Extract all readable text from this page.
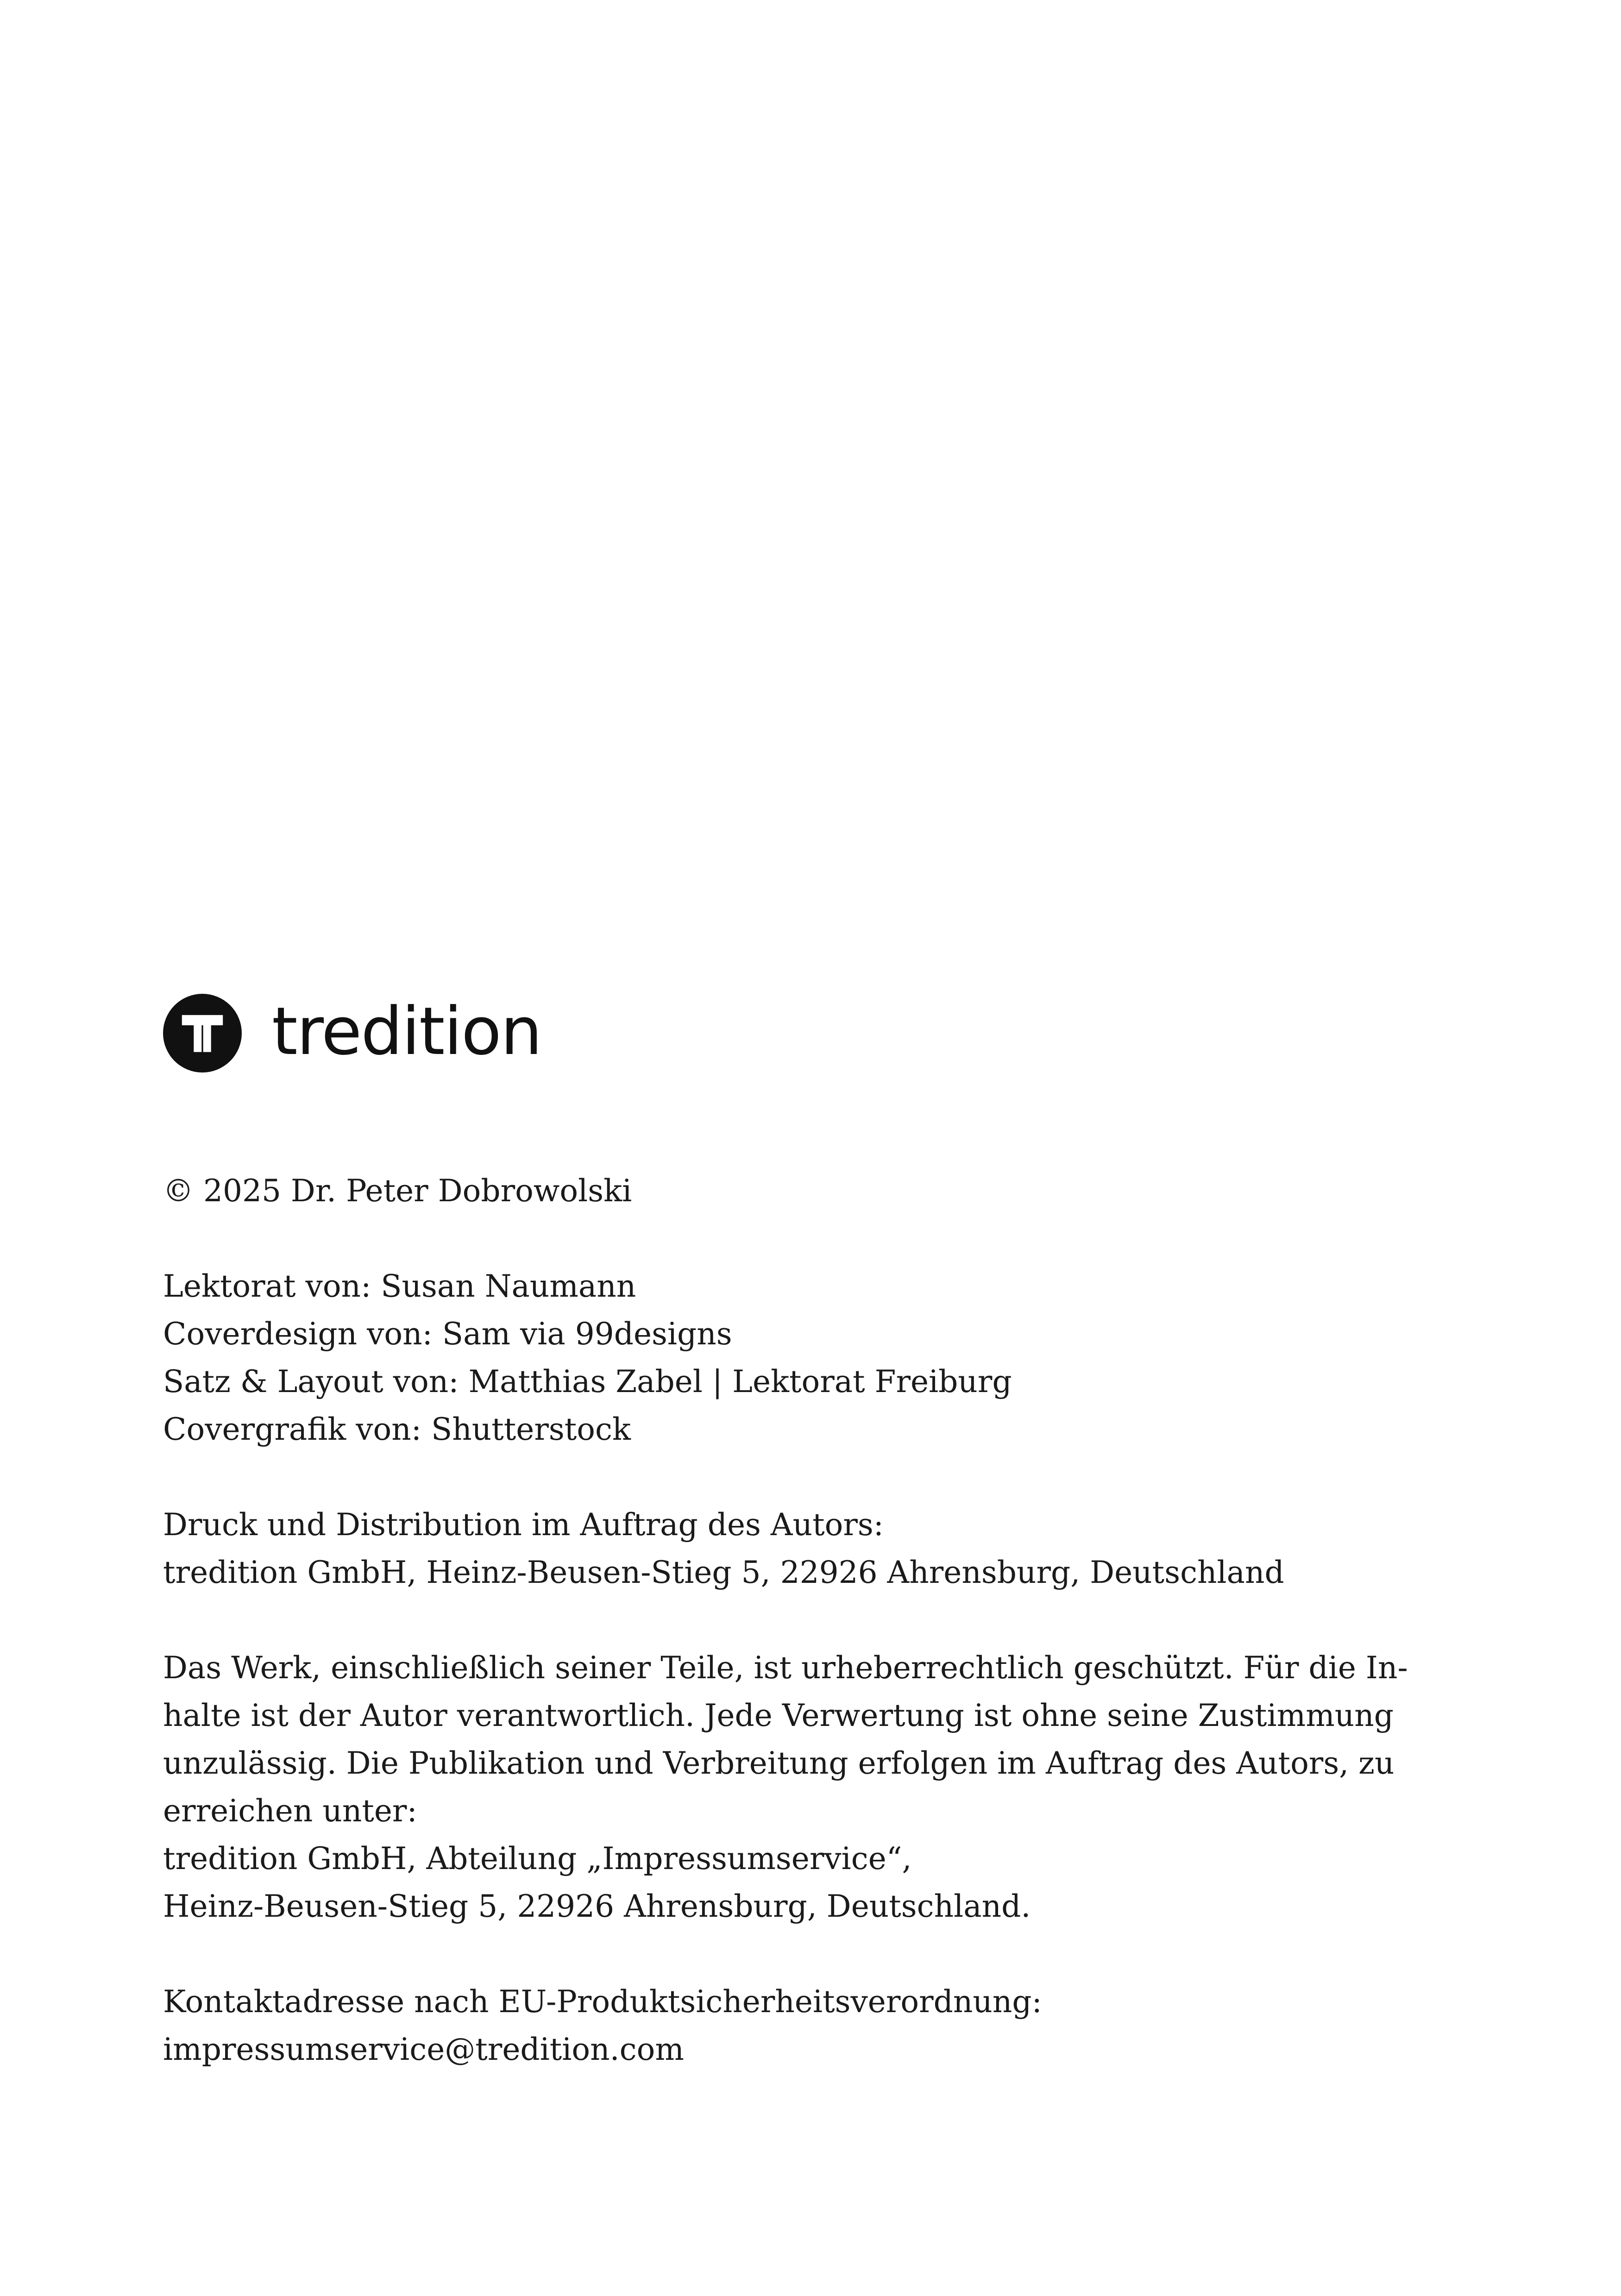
tredition
© 2025 Dr. Peter Dobrowolski
Lektorat von: Susan Naumann
Coverdesign von: Sam via 99designs
Satz & Layout von: Matthias Zabel | Lektorat Freiburg
Covergrafik von: Shutterstock
Druck und Distribution im Auftrag des Autors:
tredition GmbH, Heinz-Beusen-Stieg 5, 22926 Ahrensburg, Deutschland
Das Werk, einschließlich seiner Teile, ist urheberrechtlich geschützt. Für die In-
halte ist der Autor verantwortlich. Jede Verwertung ist ohne seine Zustimmung
unzulässig. Die Publikation und Verbreitung erfolgen im Auftrag des Autors, zu
erreichen unter:
tredition GmbH, Abteilung „Impressumservice“,
Heinz-Beusen-Stieg 5, 22926 Ahrensburg, Deutschland.
Kontaktadresse nach EU-Produktsicherheitsverordnung:
impressumservice@tredition.com
